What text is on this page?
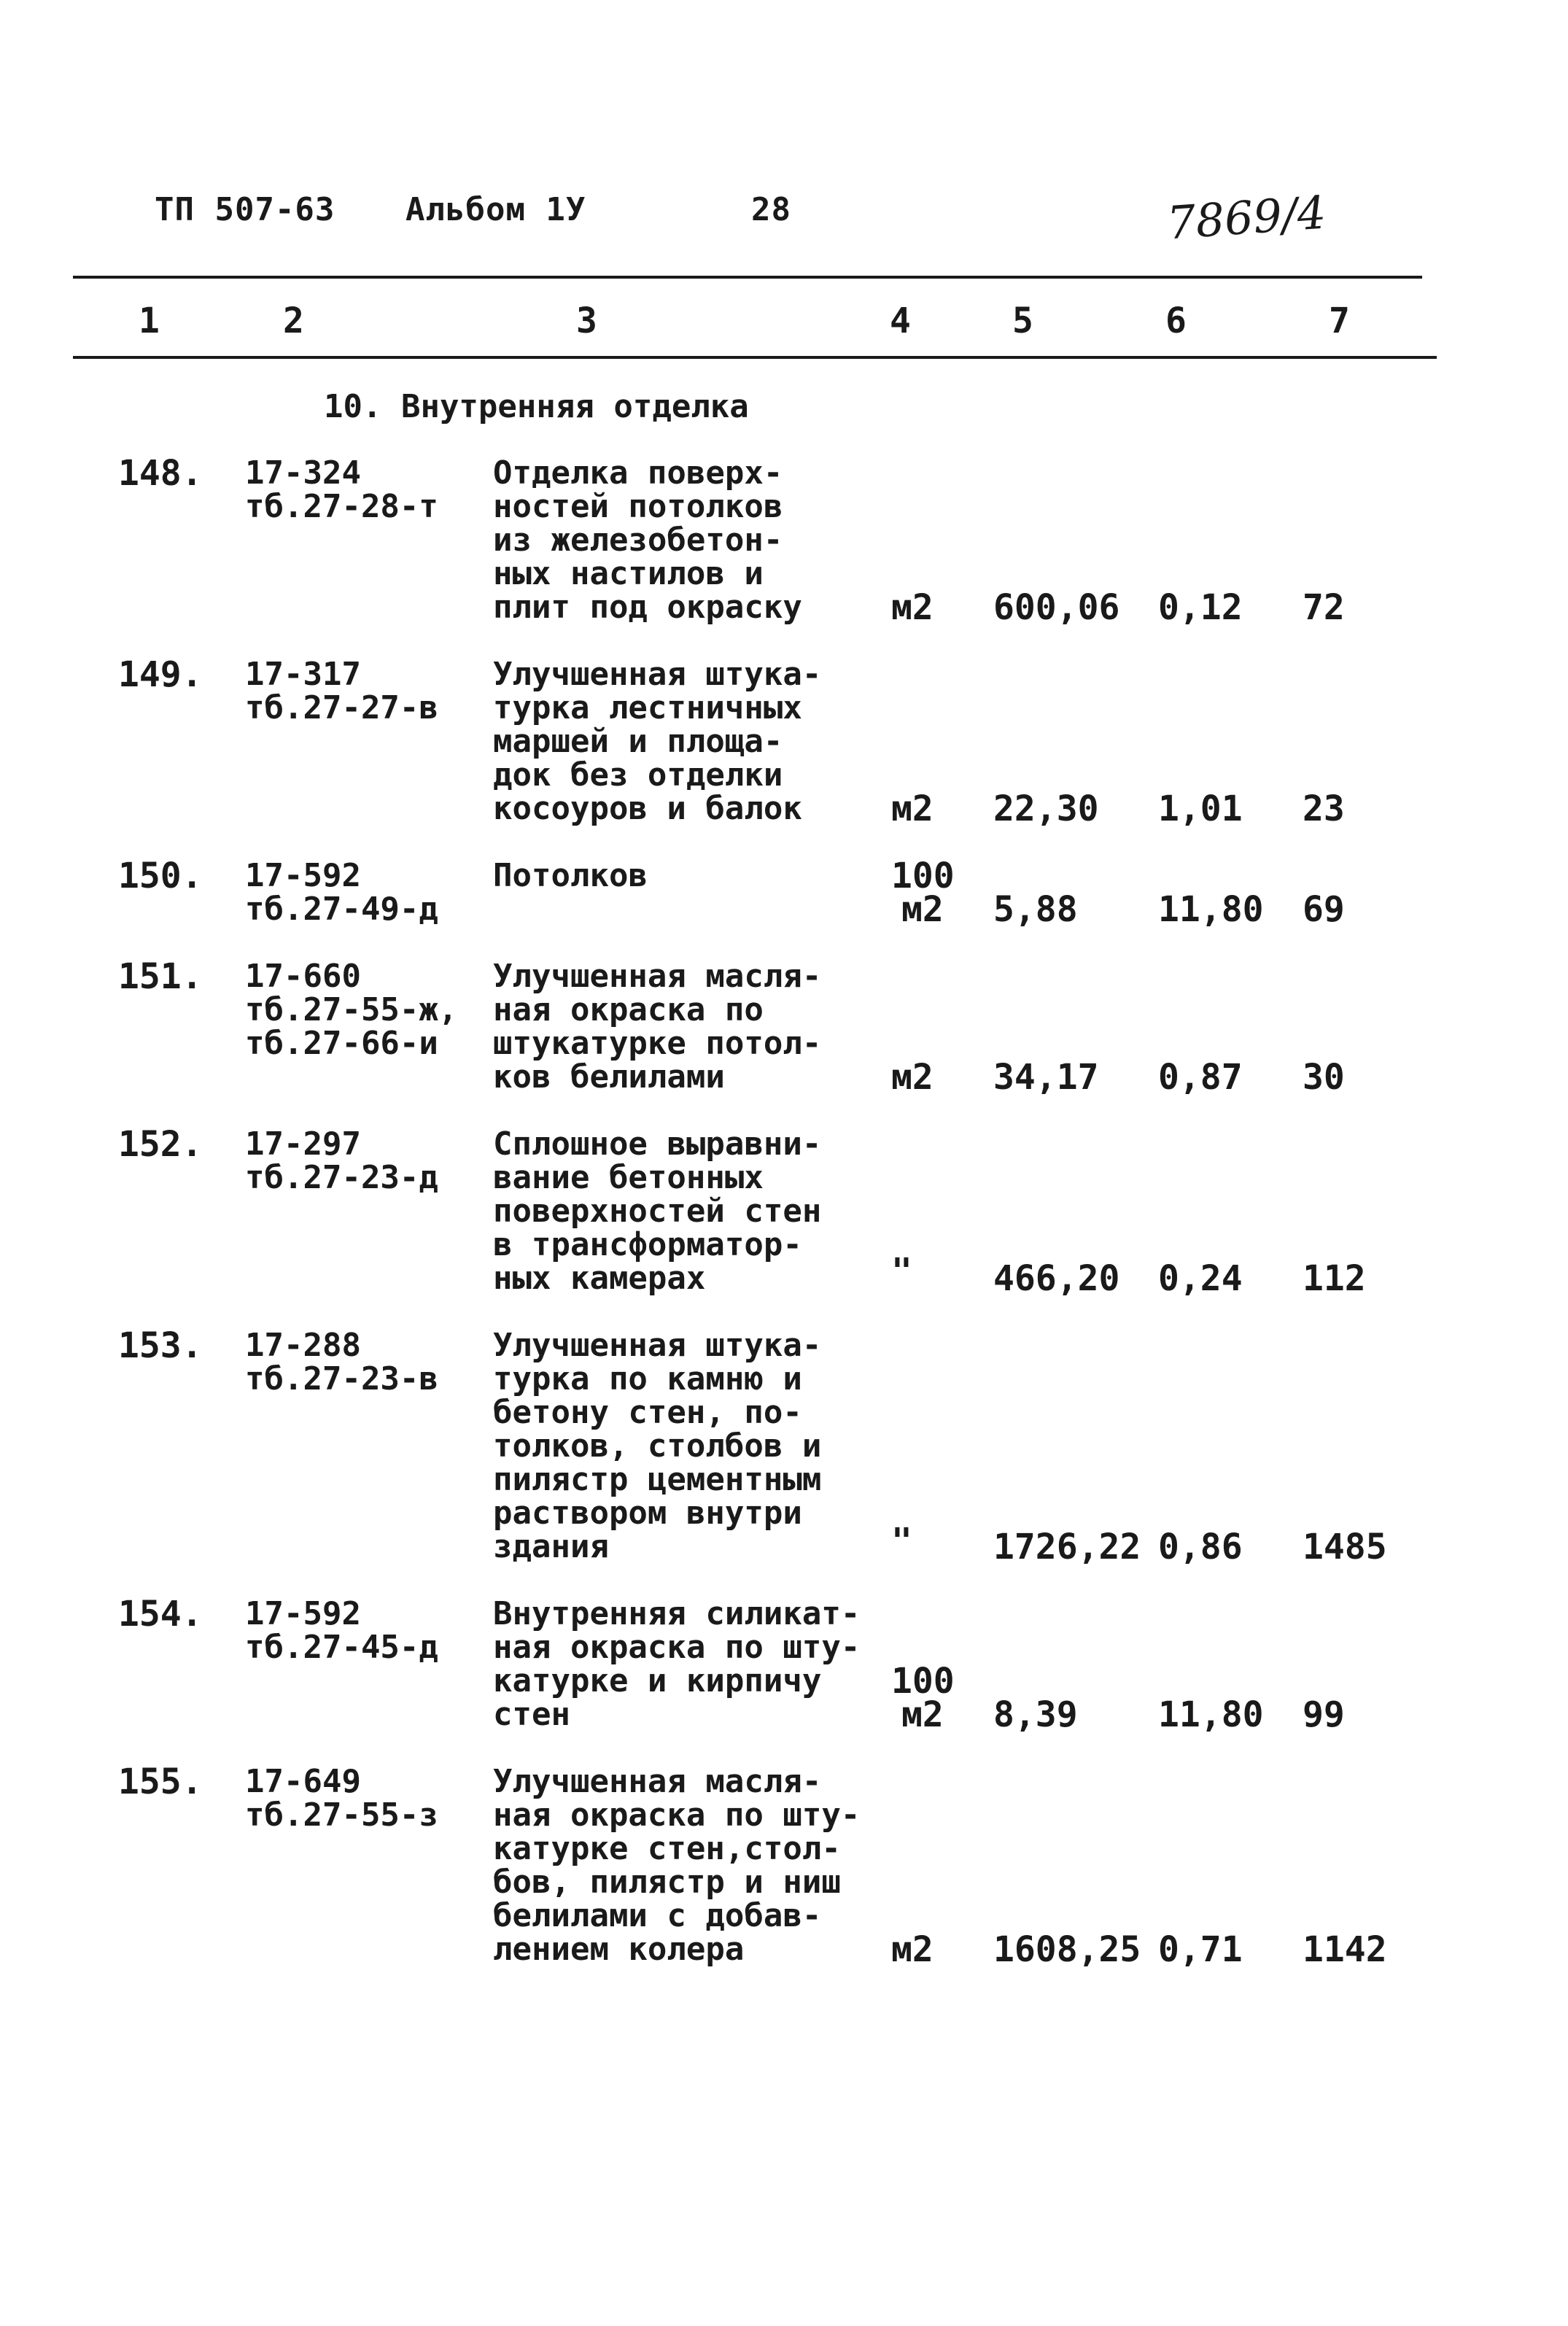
ТП 507-63 Альбом 1У	28	7869/4
1	2	3	4	5	6	7
10. Внутренняя отделка
148. 17-324
тб.27-28-т
Отделка поверх-
ностей потолков
из железобетон-
ных настилов и
плит под окраску	м2 600,06 0,12 72
149. 17-317
тб.27-27-в
Улучшенная штука-
турка лестничных
маршей и площа-
док без отделки
косоуров и балок	м2 22,30 1,01 23
150. 17-592
тб.27-49-д
Потолков	100
м2 5,88 11,80 69
151. 17-660
тб.27-55-ж,
тб.27-66-и
Улучшенная масля-
ная окраска по
штукатурке потол-
ков белилами	м2 34,17 0,87 30
152. 17-297
тб.27-23-д
Сплошное выравни-
вание бетонных
поверхностей стен
в трансформатор-
ных камерах	" 466,20 0,24 112
153. 17-288
тб.27-23-в
Улучшенная штука-
турка по камню и
бетону стен, по-
толков, столбов и
пилястр цементным
раствором внутри
здания	" 1726,22 0,86 1485
154. 17-592
тб.27-45-д
Внутренняя силикат-
ная окраска по шту-
катурке и кирпичу
стен
100
м2 8,39 11,80 99
155. 17-649
тб.27-55-з
Улучшенная масля-
ная окраска по шту-
катурке стен,стол-
бов, пилястр и ниш
белилами с добав-
лением колера	м2 1608,25 0,71 1142
